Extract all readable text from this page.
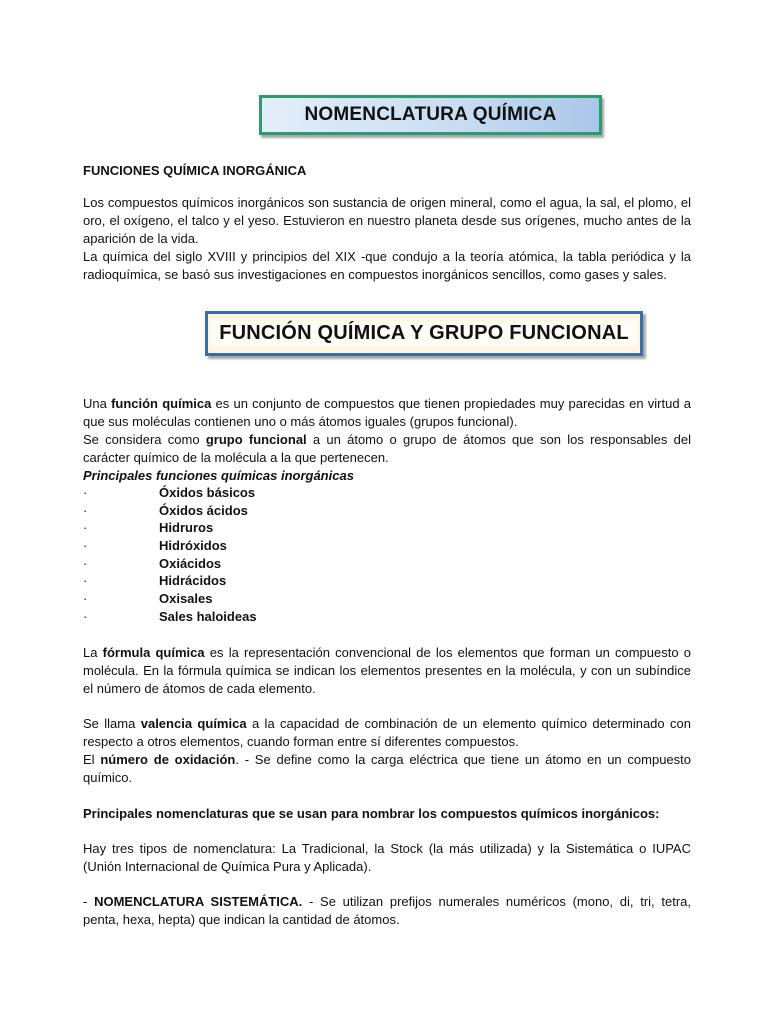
NOMENCLATURA QUÍMICA

FUNCIONES QUÍMICA INORGÁNICA

Los compuestos químicos inorgánicos son sustancia de origen mineral, como el agua, la sal, el plomo, el oro, el oxígeno, el talco y el yeso. Estuvieron en nuestro planeta desde sus orígenes, mucho antes de la aparición de la vida.
La química del siglo XVIII y principios del XIX -que condujo a la teoría atómica, la tabla periódica y la radioquímica, se basó sus investigaciones en compuestos inorgánicos sencillos, como gases y sales.
FUNCIÓN QUÍMICA Y GRUPO FUNCIONAL
Una función química es un conjunto de compuestos que tienen propiedades muy parecidas en virtud a que sus moléculas contienen uno o más átomos iguales (grupos funcional).
Se considera como grupo funcional a un átomo o grupo de átomos que son los responsables del carácter químico de la molécula a la que pertenecen.
Principales funciones químicas inorgánicas
·	Óxidos básicos
·	Óxidos ácidos
·	Hidruros
·	Hidróxidos
·	Oxiácidos
·	Hidrácidos
·	Oxisales
·	Sales haloideas
La fórmula química es la representación convencional de los elementos que forman un compuesto o molécula. En la fórmula química se indican los elementos presentes en la molécula, y con un subíndice el número de átomos de cada elemento.
Se llama valencia química a la capacidad de combinación de un elemento químico determinado con respecto a otros elementos, cuando forman entre sí diferentes compuestos.
El número de oxidación. - Se define como la carga eléctrica que tiene un átomo en un compuesto químico.
Principales nomenclaturas que se usan para nombrar los compuestos químicos inorgánicos:
Hay tres tipos de nomenclatura: La Tradicional, la Stock (la más utilizada) y la Sistemática o IUPAC (Unión Internacional de Química Pura y Aplicada).
- NOMENCLATURA SISTEMÁTICA. - Se utilizan prefijos numerales numéricos (mono, di, tri, tetra, penta, hexa, hepta) que indican la cantidad de átomos.
